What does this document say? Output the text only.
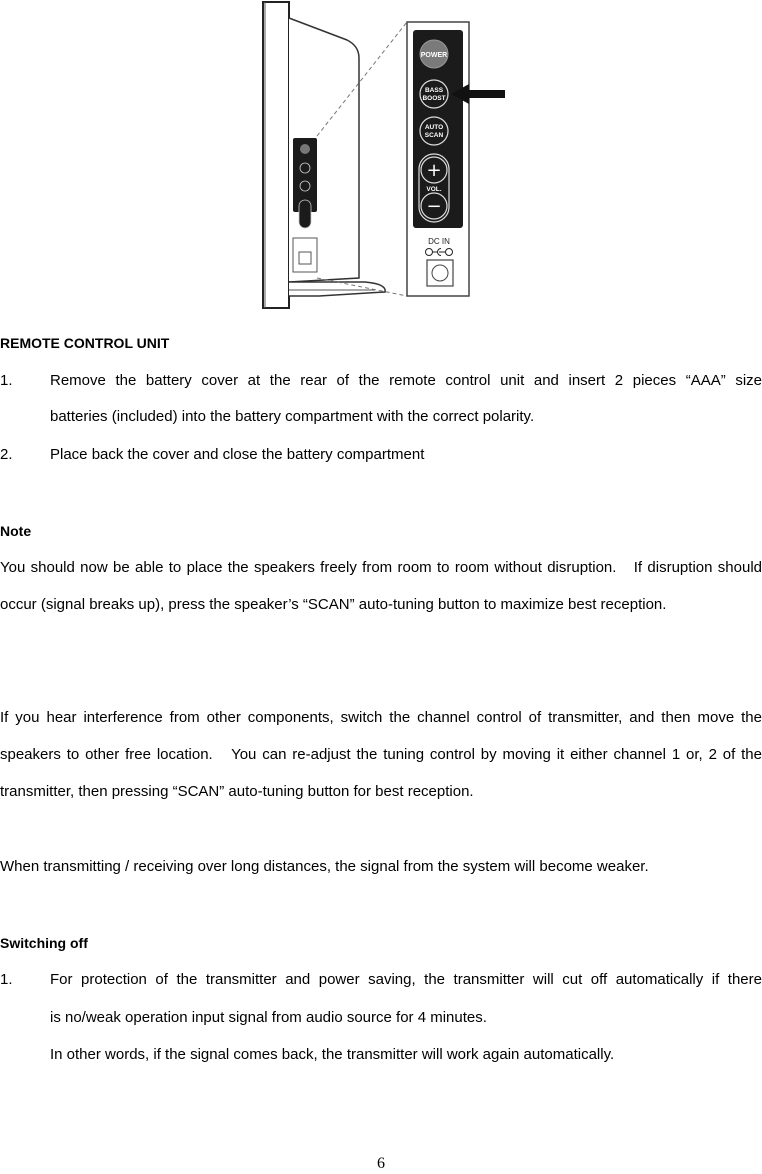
POWER
BASS
BOOST
AUTO
SCAN
+
VOL.
−
DC IN
REMOTE CONTROL UNIT
1. Remove the battery cover at the rear of the remote control unit and insert 2 pieces “AAA” size
batteries (included) into the battery compartment with the correct polarity.
2. Place back the cover and close the battery compartment
Note
You should now be able to place the speakers freely from room to room without disruption.　If disruption should occur (signal breaks up), press the speaker’s “SCAN” auto-tuning button to maximize best reception.
If you hear interference from other components, switch the channel control of transmitter, and then move the speakers to other free location.　You can re-adjust the tuning control by moving it either channel 1 or, 2 of the transmitter, then pressing “SCAN” auto-tuning button for best reception.
When transmitting / receiving over long distances, the signal from the system will become weaker.
Switching off
1. For protection of the transmitter and power saving, the transmitter will cut off automatically if there
is no/weak operation input signal from audio source for 4 minutes.
In other words, if the signal comes back, the transmitter will work again automatically.
6
